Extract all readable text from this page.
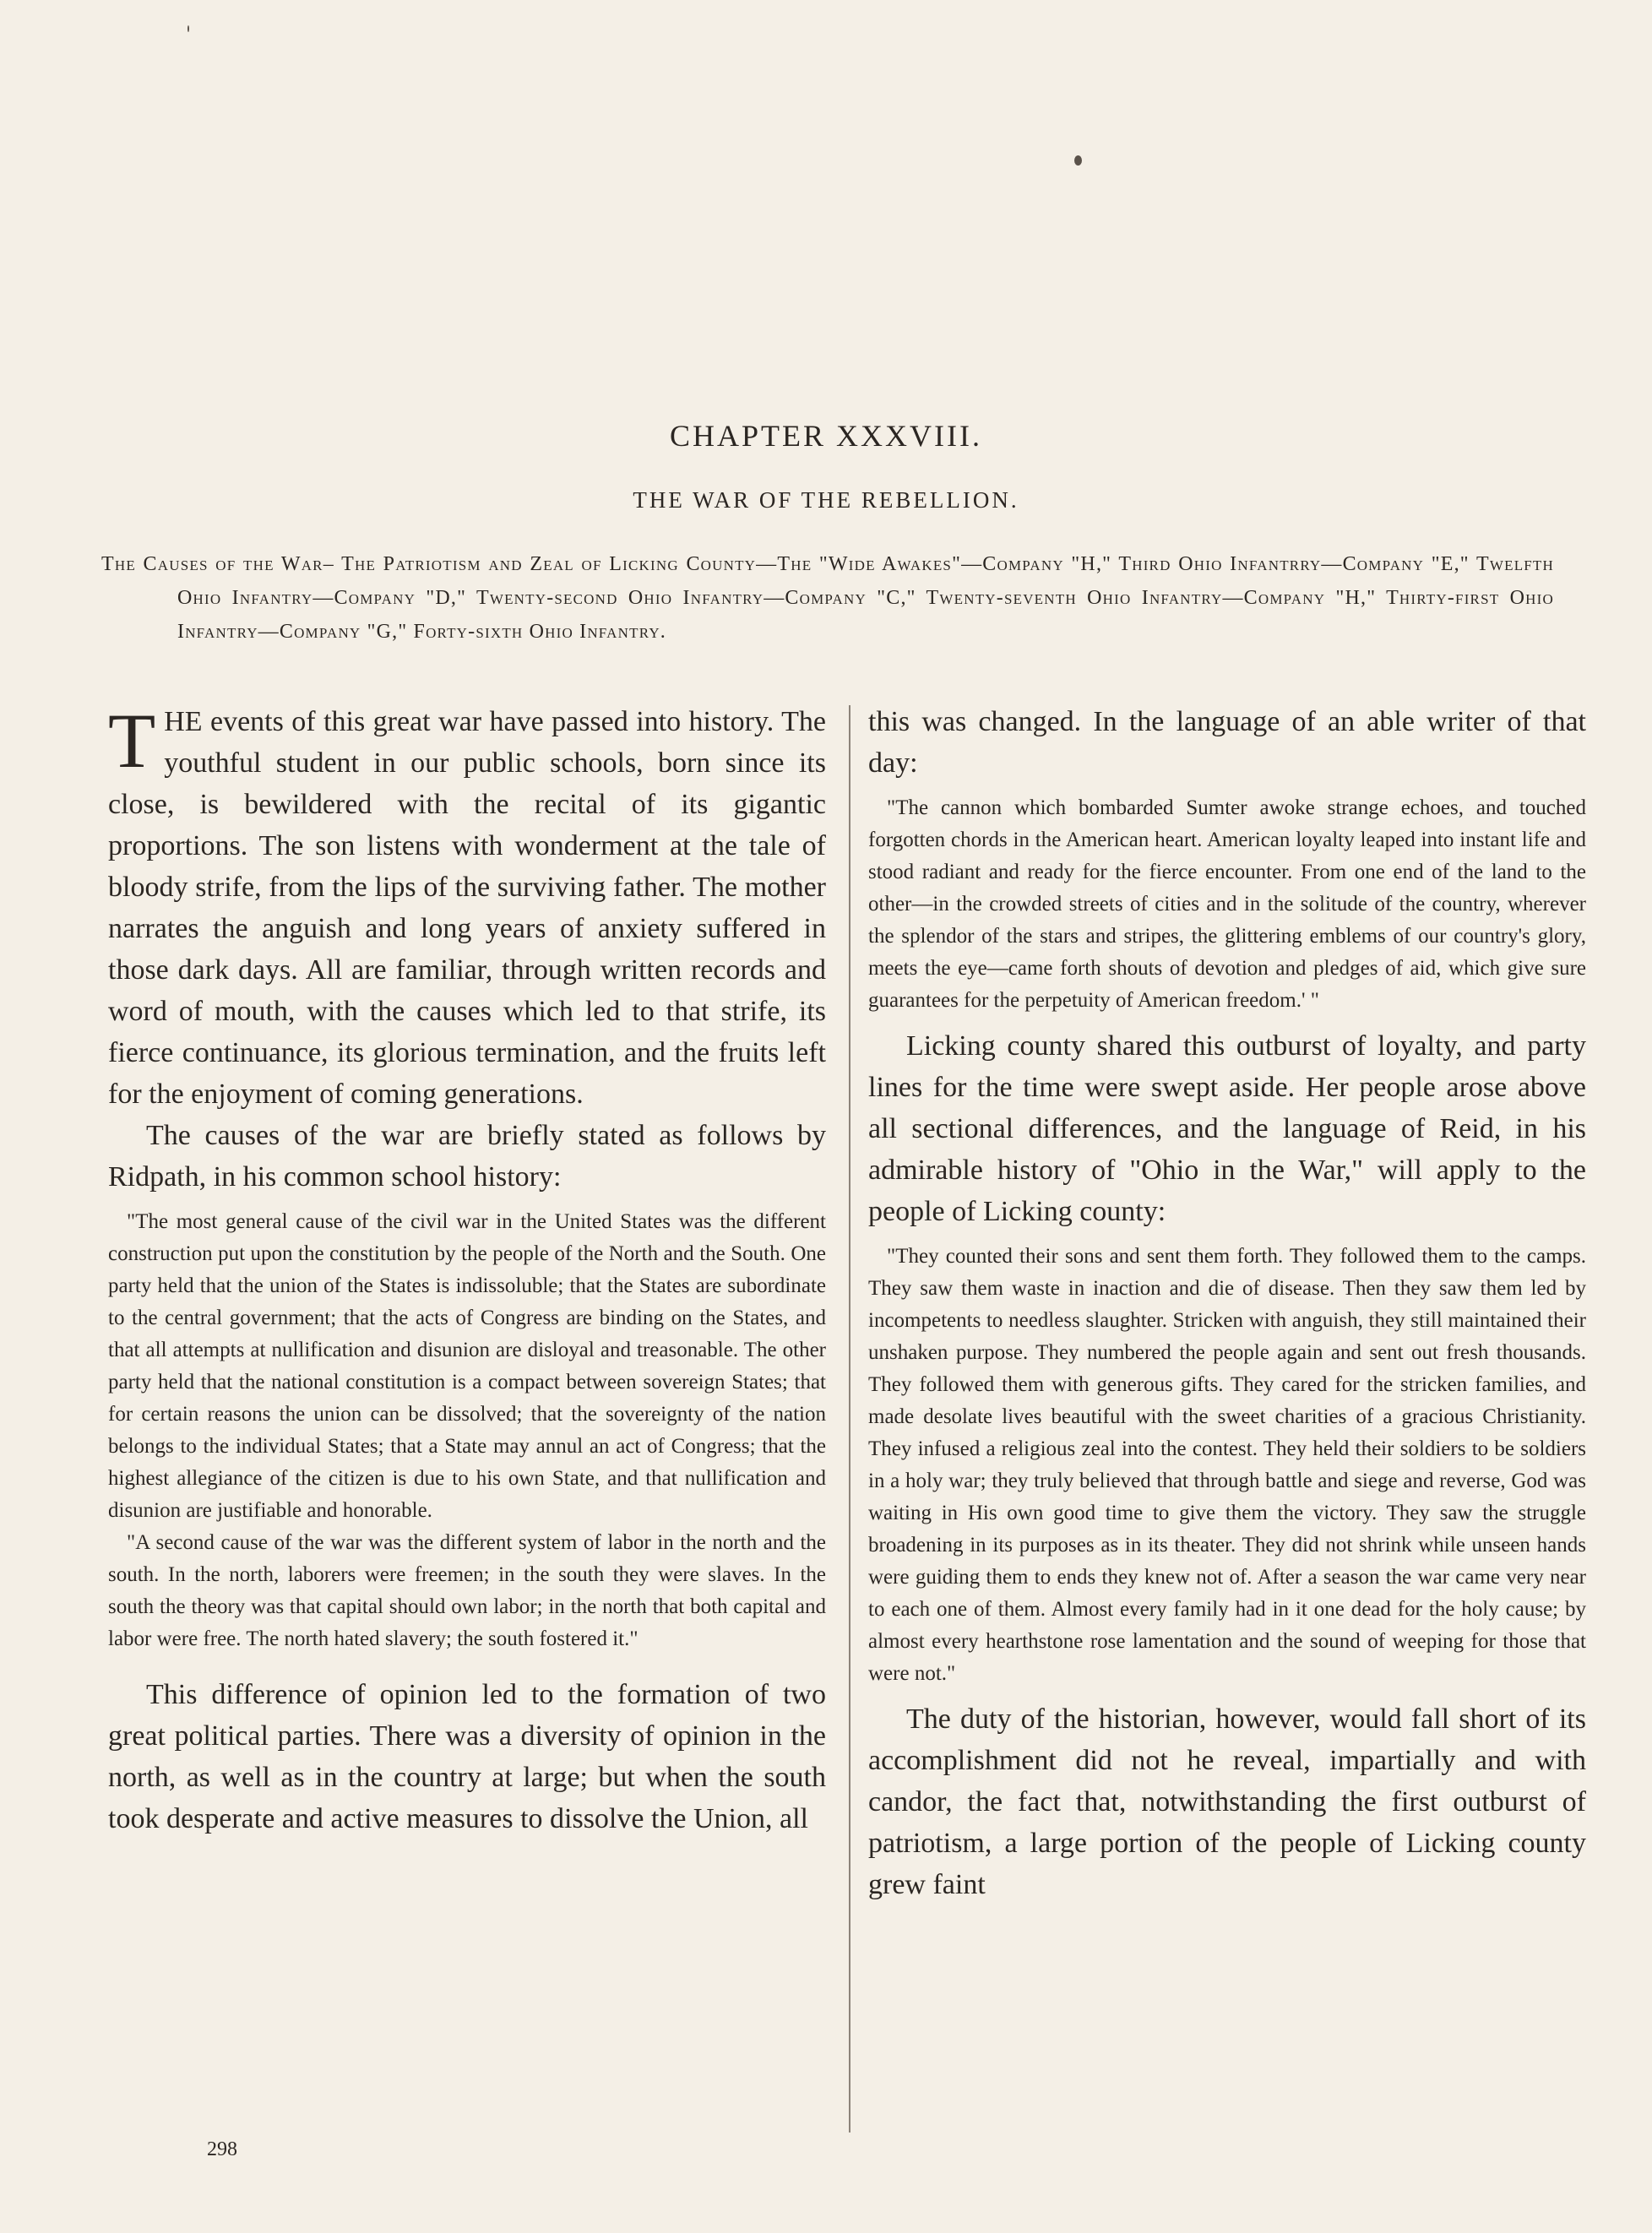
CHAPTER XXXVIII.
THE WAR OF THE REBELLION.

The Causes of the War– The Patriotism and Zeal of Licking County—The "Wide Awakes"—Company "H," Third Ohio Infantrry—Company "E," Twelfth Ohio Infantry—Company "D," Twenty-second Ohio Infantry—Company "C," Twenty-seventh Ohio Infantry—Company "H," Thirty-first Ohio Infantry—Company "G," Forty-sixth Ohio Infantry.

THE events of this great war have passed into history. The youthful student in our public schools, born since its close, is bewildered with the recital of its gigantic proportions. The son listens with wonderment at the tale of bloody strife, from the lips of the surviving father. The mother narrates the anguish and long years of anxiety suffered in those dark days. All are familiar, through written records and word of mouth, with the causes which led to that strife, its fierce continuance, its glorious termination, and the fruits left for the enjoyment of coming generations.

The causes of the war are briefly stated as follows by Ridpath, in his common school history:

"The most general cause of the civil war in the United States was the different construction put upon the constitution by the people of the North and the South. One party held that the union of the States is indissoluble; that the States are subordinate to the central government; that the acts of Congress are binding on the States, and that all attempts at nullification and disunion are disloyal and treasonable. The other party held that the national constitution is a compact between sovereign States; that for certain reasons the union can be dissolved; that the sovereignty of the nation belongs to the individual States; that a State may annul an act of Congress; that the highest allegiance of the citizen is due to his own State, and that nullification and disunion are justifiable and honorable.

"A second cause of the war was the different system of labor in the north and the south. In the north, laborers were freemen; in the south they were slaves. In the south the theory was that capital should own labor; in the north that both capital and labor were free. The north hated slavery; the south fostered it."

This difference of opinion led to the formation of two great political parties. There was a diversity of opinion in the north, as well as in the country at large; but when the south took desperate and active measures to dissolve the Union, all

this was changed. In the language of an able writer of that day:

"The cannon which bombarded Sumter awoke strange echoes, and touched forgotten chords in the American heart. American loyalty leaped into instant life and stood radiant and ready for the fierce encounter. From one end of the land to the other—in the crowded streets of cities and in the solitude of the country, wherever the splendor of the stars and stripes, the glittering emblems of our country's glory, meets the eye—came forth shouts of devotion and pledges of aid, which give sure guarantees for the perpetuity of American freedom.' "

Licking county shared this outburst of loyalty, and party lines for the time were swept aside. Her people arose above all sectional differences, and the language of Reid, in his admirable history of "Ohio in the War," will apply to the people of Licking county:

"They counted their sons and sent them forth. They followed them to the camps. They saw them waste in inaction and die of disease. Then they saw them led by incompetents to needless slaughter. Stricken with anguish, they still maintained their unshaken purpose. They numbered the people again and sent out fresh thousands. They followed them with generous gifts. They cared for the stricken families, and made desolate lives beautiful with the sweet charities of a gracious Christianity. They infused a religious zeal into the contest. They held their soldiers to be soldiers in a holy war; they truly believed that through battle and siege and reverse, God was waiting in His own good time to give them the victory. They saw the struggle broadening in its purposes as in its theater. They did not shrink while unseen hands were guiding them to ends they knew not of. After a season the war came very near to each one of them. Almost every family had in it one dead for the holy cause; by almost every hearthstone rose lamentation and the sound of weeping for those that were not."

The duty of the historian, however, would fall short of its accomplishment did not he reveal, impartially and with candor, the fact that, notwithstanding the first outburst of patriotism, a large portion of the people of Licking county grew faint

298
